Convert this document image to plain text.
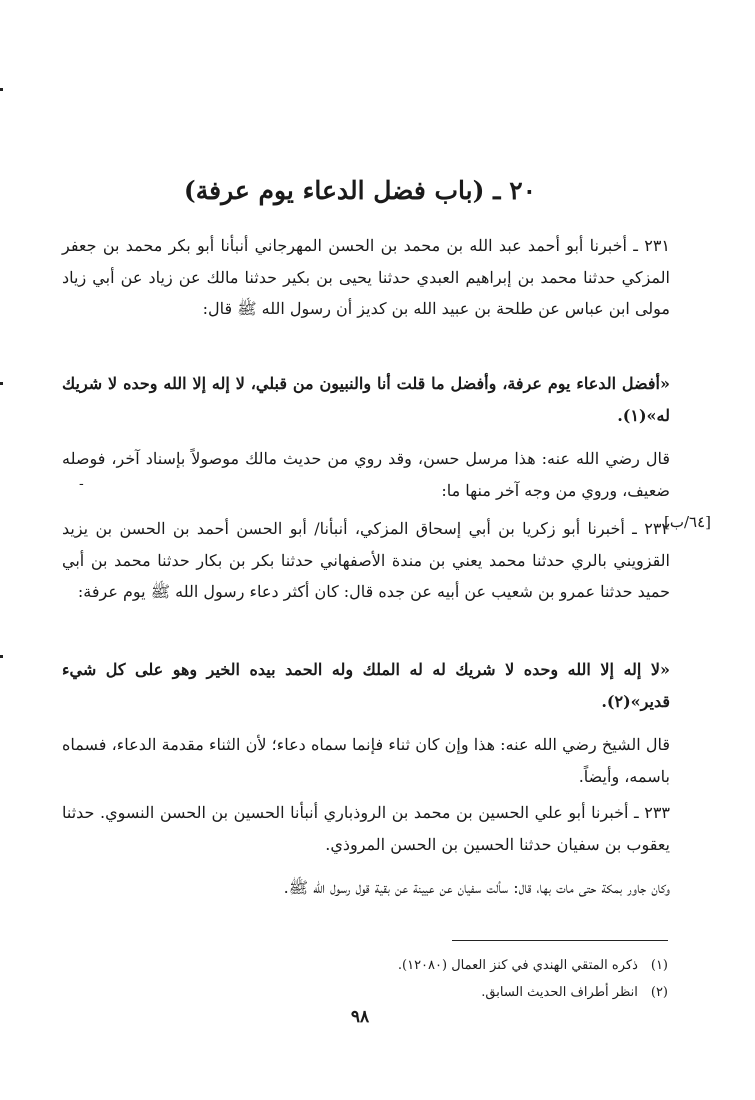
٢٠ ـ (باب فضل الدعاء يوم عرفة)
٢٣١ ـ أخبرنا أبو أحمد عبد الله بن محمد بن الحسن المهرجاني أنبأنا أبو بكر محمد بن جعفر المزكي حدثنا محمد بن إبراهيم العبدي حدثنا يحيى بن بكير حدثنا مالك عن زياد عن أبي زياد مولى ابن عباس عن طلحة بن عبيد الله بن كديز أن رسول الله ﷺ قال:
«أفضل الدعاء يوم عرفة، وأفضل ما قلت أنا والنبيون من قبلي، لا إله إلا الله وحده لا شريك له»(١).
قال رضي الله عنه: هذا مرسل حسن، وقد روي من حديث مالك موصولاً بإسناد آخر، فوصله ضعيف، وروي من وجه آخر منها ما:
-
[٦٤/ب]
٢٣٢ ـ أخبرنا أبو زكريا بن أبي إسحاق المزكي، أنبأنا/ أبو الحسن أحمد بن الحسن بن يزيد القزويني بالري حدثنا محمد يعني بن مندة الأصفهاني حدثنا بكر بن بكار حدثنا محمد بن أبي حميد حدثنا عمرو بن شعيب عن أبيه عن جده قال: كان أكثر دعاء رسول الله ﷺ يوم عرفة:
«لا إله إلا الله وحده لا شريك له له الملك وله الحمد بيده الخير وهو على كل شيء قدير»(٢).
قال الشيخ رضي الله عنه: هذا وإن كان ثناء فإنما سماه دعاء؛ لأن الثناء مقدمة الدعاء، فسماه باسمه، وأيضاً.
٢٣٣ ـ أخبرنا أبو علي الحسين بن محمد بن الروذباري أنبأنا الحسين بن الحسن النسوي. حدثنا يعقوب بن سفيان حدثنا الحسين بن الحسن المروذي.
وكان جاور بمكة حتى مات بها، قال: سألت سفيان عن عيينة عن بقية قول رسول الله ﷺ.
(١) ذكره المتقي الهندي في كنز العمال (١٢٠٨٠).
(٢) انظر أطراف الحديث السابق.
٩٨
